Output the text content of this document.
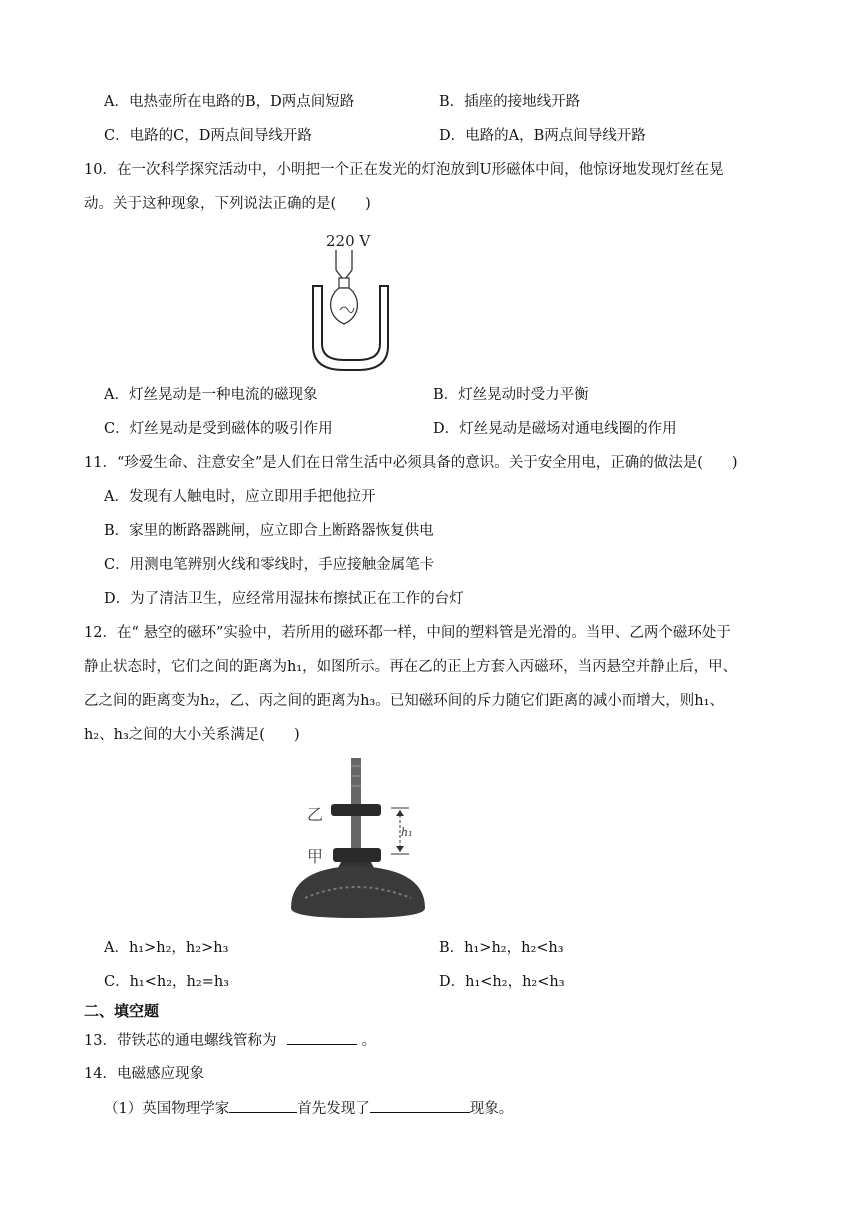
A．电热壶所在电路的B，D两点间短路	B．插座的接地线开路
C．电路的C，D两点间导线开路	D．电路的A，B两点间导线开路
10．在一次科学探究活动中，小明把一个正在发光的灯泡放到U形磁体中间，他惊讶地发现灯丝在晃
动。关于这种现象，下列说法正确的是(　　)
220 V
A．灯丝晃动是一种电流的磁现象	B．灯丝晃动时受力平衡
C．灯丝晃动是受到磁体的吸引作用	D．灯丝晃动是磁场对通电线圈的作用
11．“珍爱生命、注意安全”是人们在日常生活中必须具备的意识。关于安全用电，正确的做法是(　　)
A．发现有人触电时，应立即用手把他拉开
B．家里的断路器跳闸，应立即合上断路器恢复供电
C．用测电笔辨别火线和零线时，手应接触金属笔卡
D．为了清洁卫生，应经常用湿抹布擦拭正在工作的台灯
12．在“ 悬空的磁环”实验中，若所用的磁环都一样，中间的塑料管是光滑的。当甲、乙两个磁环处于
静止状态时，它们之间的距离为h₁，如图所示。再在乙的正上方套入丙磁环，当丙悬空并静止后，甲、
乙之间的距离变为h₂，乙、丙之间的距离为h₃。已知磁环间的斥力随它们距离的减小而增大，则h₁、
h₂、h₃之间的大小关系满足(　　)
乙
甲
h₁
A．h₁>h₂，h₂>h₃	B．h₁>h₂，h₂<h₃
C．h₁<h₂，h₂=h₃	D．h₁<h₂，h₂<h₃
二、填空题
13．带铁芯的通电螺线管称为	。
14．电磁感应现象
（1）英国物理学家	首先发现了	现象。
